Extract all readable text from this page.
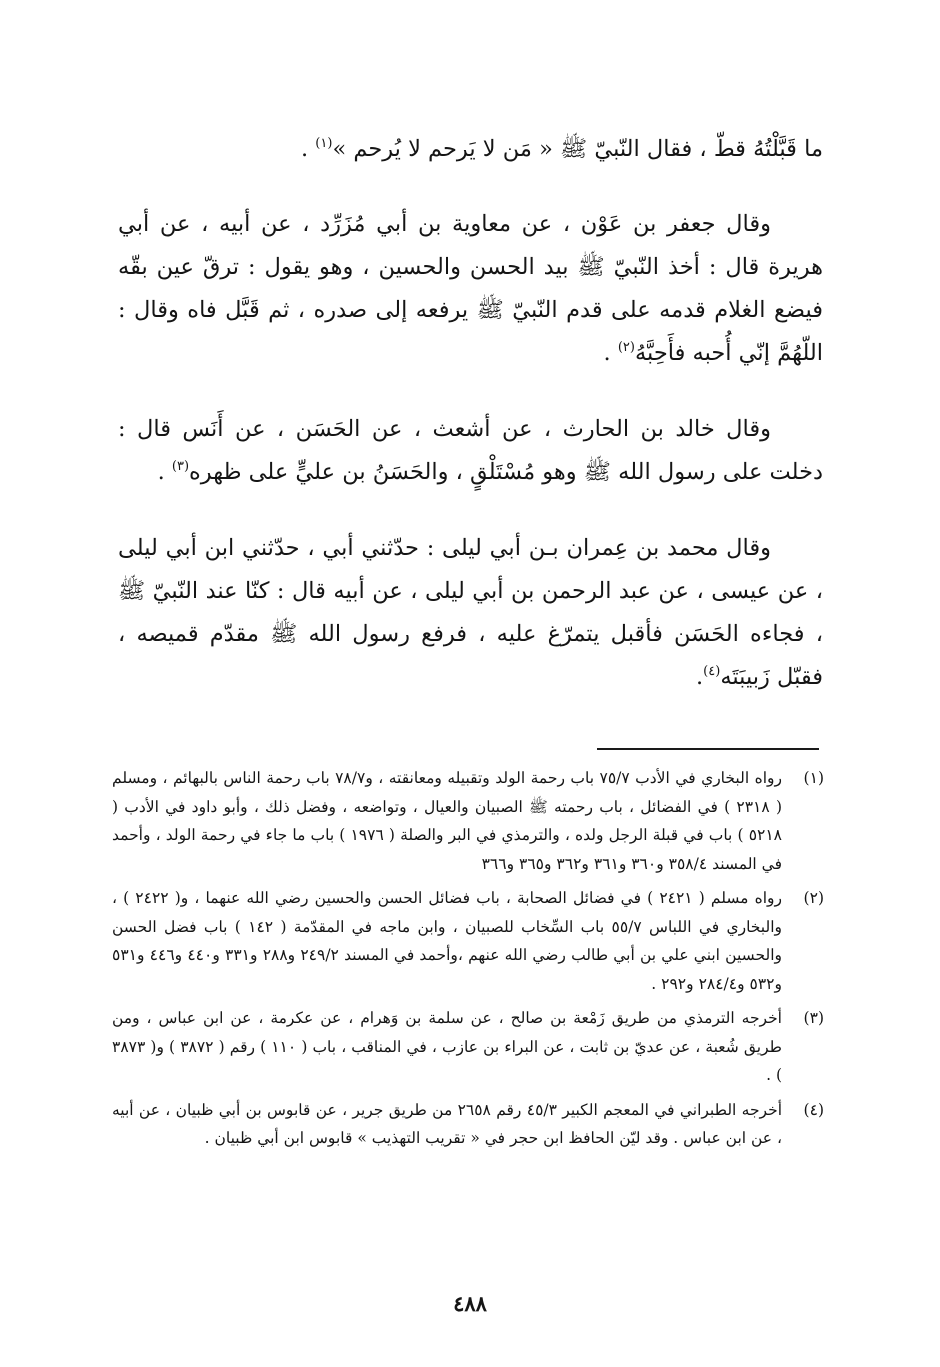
ما قَبَّلْتُهُ قطّ ، فقال النّبيّ ﷺ « مَن لا يَرحم لا يُرحم »$^{(١)}$ .

وقال جعفر بن عَوْن ، عن معاوية بن أبي مُزَرِّد ، عن أبيه ، عن أبي هريرة قال : أخذ النّبيّ ﷺ بيد الحسن والحسين ، وهو يقول : ترقّ عين بقّه فيضع الغلام قدمه على قدم النّبيّ ﷺ يرفعه إلى صدره ، ثم قَبَّل فاه وقال : اللّهُمَّ إنّي أُحبه فأَحِبَّهُ$^{(٢)}$ .

وقال خالد بن الحارث ، عن أشعث ، عن الحَسَن ، عن أَنَس قال : دخلت على رسول الله ﷺ وهو مُسْتَلْقٍ ، والحَسَنُ بن عليٍّ على ظهره$^{(٣)}$ .

وقال محمد بن عِمران بـن أبي ليلى : حدّثني أبي ، حدّثني ابن أبي ليلى ، عن عيسى ، عن عبد الرحمن بن أبي ليلى ، عن أبيه قال : كنّا عند النّبيّ ﷺ ، فجاءه الحَسَن فأقبل يتمرّغ عليه ، فرفع رسول الله ﷺ مقدّم قميصه ، فقبّل زَبيبَتَه$^{(٤)}$.

(١)
رواه البخاري في الأدب ٧٥/٧ باب رحمة الولد وتقبيله ومعانقته ، و٧٨/٧ باب رحمة الناس بالبهائم ، ومسلم ( ٢٣١٨ ) في الفضائل ، باب رحمته ﷺ الصبيان والعيال ، وتواضعه ، وفضل ذلك ، وأبو داود في الأدب ( ٥٢١٨ ) باب في قبلة الرجل ولده ، والترمذي في البر والصلة ( ١٩٧٦ ) باب ما جاء في رحمة الولد ، وأحمد في المسند ٣٥٨/٤ و٣٦٠ و٣٦١ و٣٦٢ و٣٦٥ و٣٦٦
(٢)
رواه مسلم ( ٢٤٢١ ) في فضائل الصحابة ، باب فضائل الحسن والحسين رضي الله عنهما ، و( ٢٤٢٢ ) ، والبخاري في اللباس ٥٥/٧ باب السِّخاب للصبيان ، وابن ماجه في المقدّمة ( ١٤٢ ) باب فضل الحسن والحسين ابني علي بن أبي طالب رضي الله عنهم ،وأحمد في المسند ٢٤٩/٢ و٢٨٨ و٣٣١ و٤٤٠ و٤٤٦ و٥٣١ و٥٣٢ و٢٨٤/٤ و٢٩٢ .
(٣)
أخرجه الترمذي من طريق زَمْعة بن صالح ، عن سلمة بن وَهرام ، عن عكرمة ، عن ابن عباس ، ومن طريق شُعبة ، عن عديّ بن ثابت ، عن البراء بن عازب ، في المناقب ، باب ( ١١٠ ) رقم ( ٣٨٧٢ ) و( ٣٨٧٣ ) .
(٤)
أخرجه الطبراني في المعجم الكبير ٤٥/٣ رقم ٢٦٥٨ من طريق جرير ، عن قابوس بن أبي ظبيان ، عن أبيه ، عن ابن عباس . وقد ليّن الحافظ ابن حجر في « تقريب التهذيب » قابوس ابن أبي ظبيان .
٤٨٨
